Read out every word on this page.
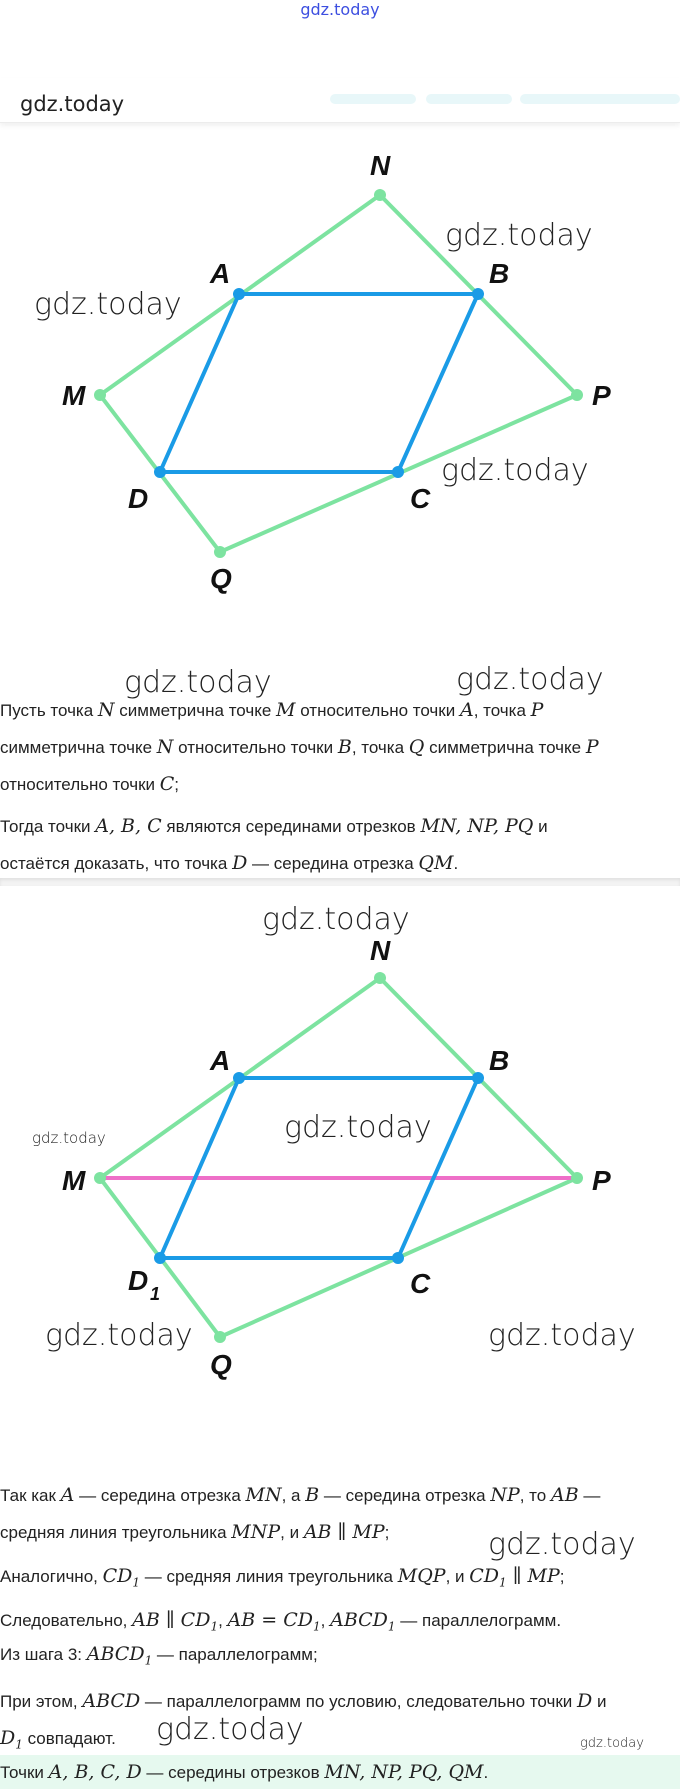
gdz.today
gdz.today
N
A	B
M	P
D	C
Q
gdz.today
gdz.today
gdz.today
gdz.today	gdz.today
Пусть точка N симметрична точке M относительно точки A, точка P
симметрична точке N относительно точки B, точка Q симметрична точке P
относительно точки C;
Тогда точки A, B, C являются серединами отрезков MN, NP, PQ и
остаётся доказать, что точка D — середина отрезка QM.
N
A	B
M	P
D 1	C
Q
gdz.today
gdz.today
gdz.today
gdz.today	gdz.today
Так как A — середина отрезка MN, а B — середина отрезка NP, то AB —
средняя линия треугольника MNP, и AB ∥ MP;	gdz.today
Аналогично, $CD_1$ — средняя линия треугольника MQP, и $CD_1$ ∥ MP;
Следовательно, AB ∥ $CD_1$, AB = $CD_1$, $ABCD_1$ — параллелограмм.
Из шага 3: $ABCD_1$ — параллелограмм;
При этом, ABCD — параллелограмм по условию, следовательно точки D и
$D_1$ совпадают.	gdz.today	gdz.today
Точки A, B, C, D — середины отрезков MN, NP, PQ, QM.
